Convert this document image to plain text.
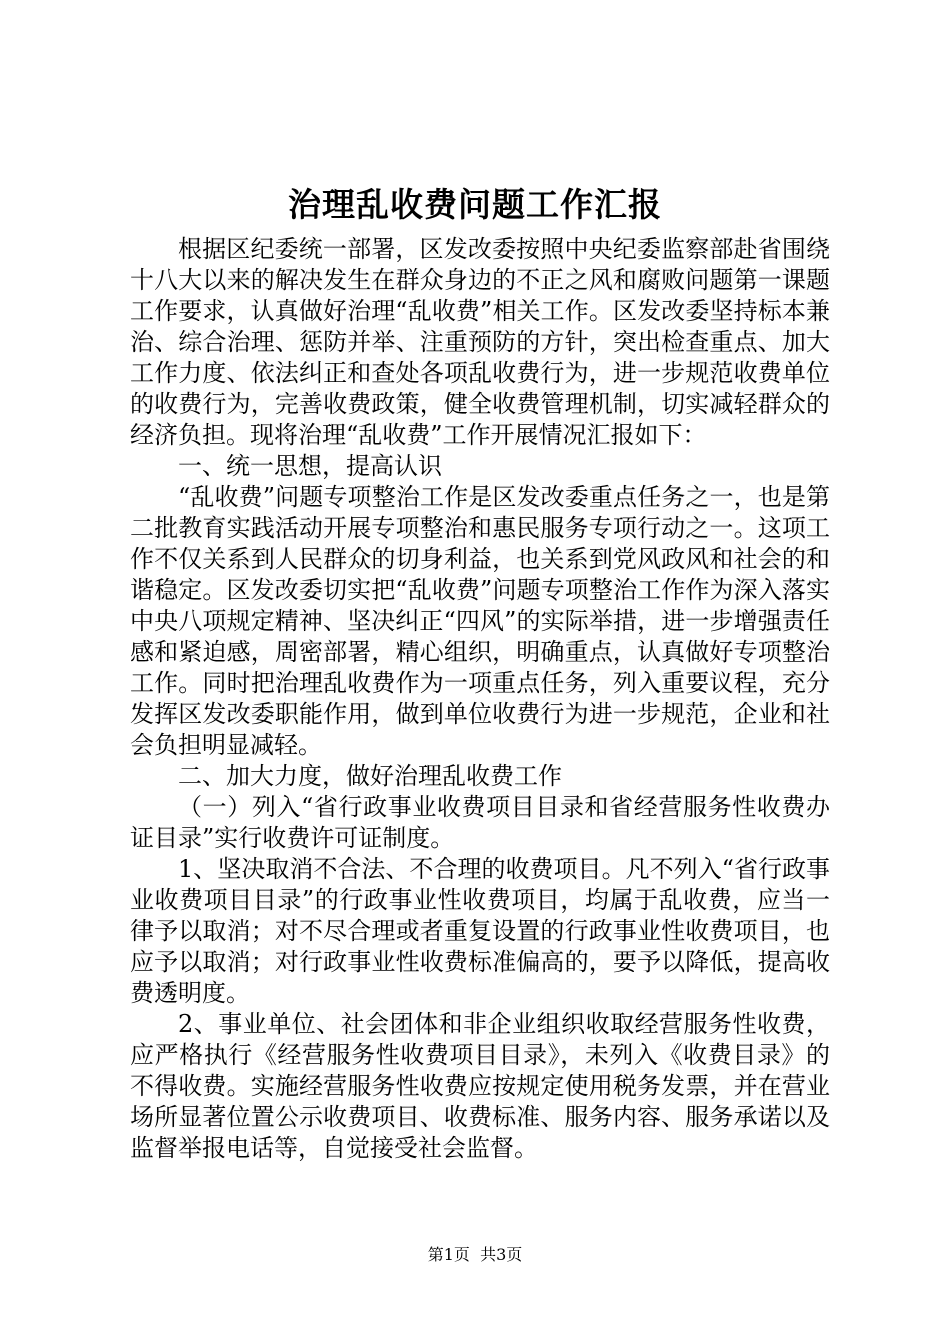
治理乱收费问题工作汇报

根据区纪委统一部署，区发改委按照中央纪委监察部赴省围绕十八大以来的解决发生在群众身边的不正之风和腐败问题第一课题工作要求，认真做好治理“乱收费”相关工作。区发改委坚持标本兼治、综合治理、惩防并举、注重预防的方针，突出检查重点、加大工作力度、依法纠正和查处各项乱收费行为，进一步规范收费单位的收费行为，完善收费政策，健全收费管理机制，切实减轻群众的经济负担。现将治理“乱收费”工作开展情况汇报如下：

一、统一思想，提高认识

“乱收费”问题专项整治工作是区发改委重点任务之一，也是第二批教育实践活动开展专项整治和惠民服务专项行动之一。这项工作不仅关系到人民群众的切身利益，也关系到党风政风和社会的和谐稳定。区发改委切实把“乱收费”问题专项整治工作作为深入落实中央八项规定精神、坚决纠正“四风”的实际举措，进一步增强责任感和紧迫感，周密部署，精心组织，明确重点，认真做好专项整治工作。同时把治理乱收费作为一项重点任务，列入重要议程，充分发挥区发改委职能作用，做到单位收费行为进一步规范，企业和社会负担明显减轻。

二、加大力度，做好治理乱收费工作

（一）列入“省行政事业收费项目目录和省经营服务性收费办证目录”实行收费许可证制度。

1、坚决取消不合法、不合理的收费项目。凡不列入“省行政事业收费项目目录”的行政事业性收费项目，均属于乱收费，应当一律予以取消；对不尽合理或者重复设置的行政事业性收费项目，也应予以取消；对行政事业性收费标准偏高的，要予以降低，提高收费透明度。

2、事业单位、社会团体和非企业组织收取经营服务性收费，应严格执行《经营服务性收费项目目录》，未列入《收费目录》的不得收费。实施经营服务性收费应按规定使用税务发票，并在营业场所显著位置公示收费项目、收费标准、服务内容、服务承诺以及监督举报电话等，自觉接受社会监督。

第1页  共3页
